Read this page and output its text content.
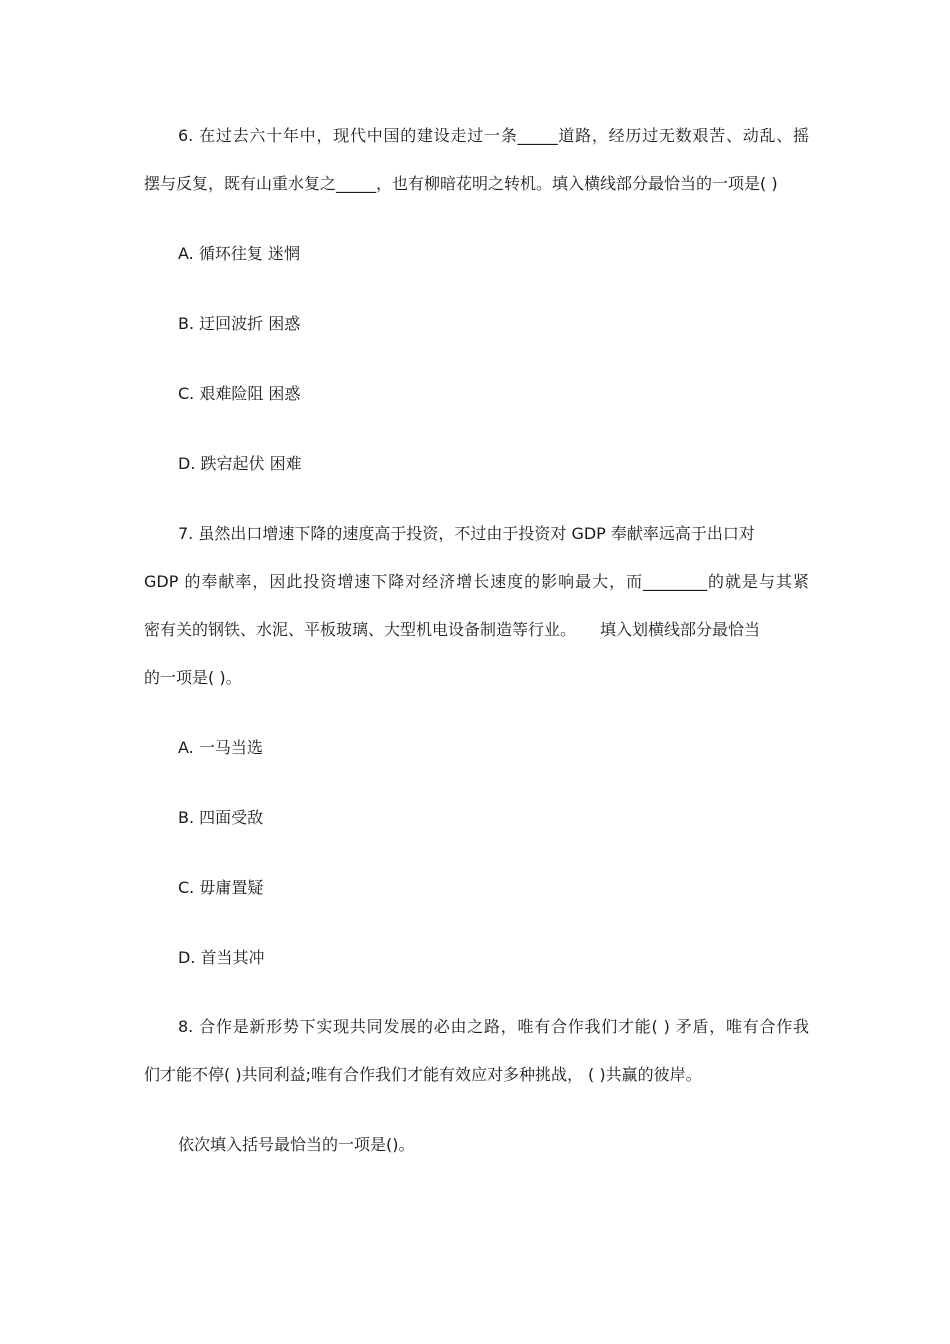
6. 在过去六十年中，现代中国的建设走过一条_____道路，经历过无数艰苦、动乱、摇
摆与反复，既有山重水复之_____，也有柳暗花明之转机。填入横线部分最恰当的一项是( )
A. 循环往复 迷惘
B. 迂回波折 困惑
C. 艰难险阻 困惑
D. 跌宕起伏 困难
7. 虽然出口增速下降的速度高于投资，不过由于投资对 GDP 奉献率远高于出口对
GDP 的奉献率，因此投资增速下降对经济增长速度的影响最大，而________的就是与其紧
密有关的钢铁、水泥、平板玻璃、大型机电设备制造等行业。　　填入划横线部分最恰当
的一项是( )。
A. 一马当选
B. 四面受敌
C. 毋庸置疑
D. 首当其冲
8. 合作是新形势下实现共同发展的必由之路，唯有合作我们才能( ) 矛盾，唯有合作我
们才能不停( )共同利益;唯有合作我们才能有效应对多种挑战， ( )共赢的彼岸。
依次填入括号最恰当的一项是()。
